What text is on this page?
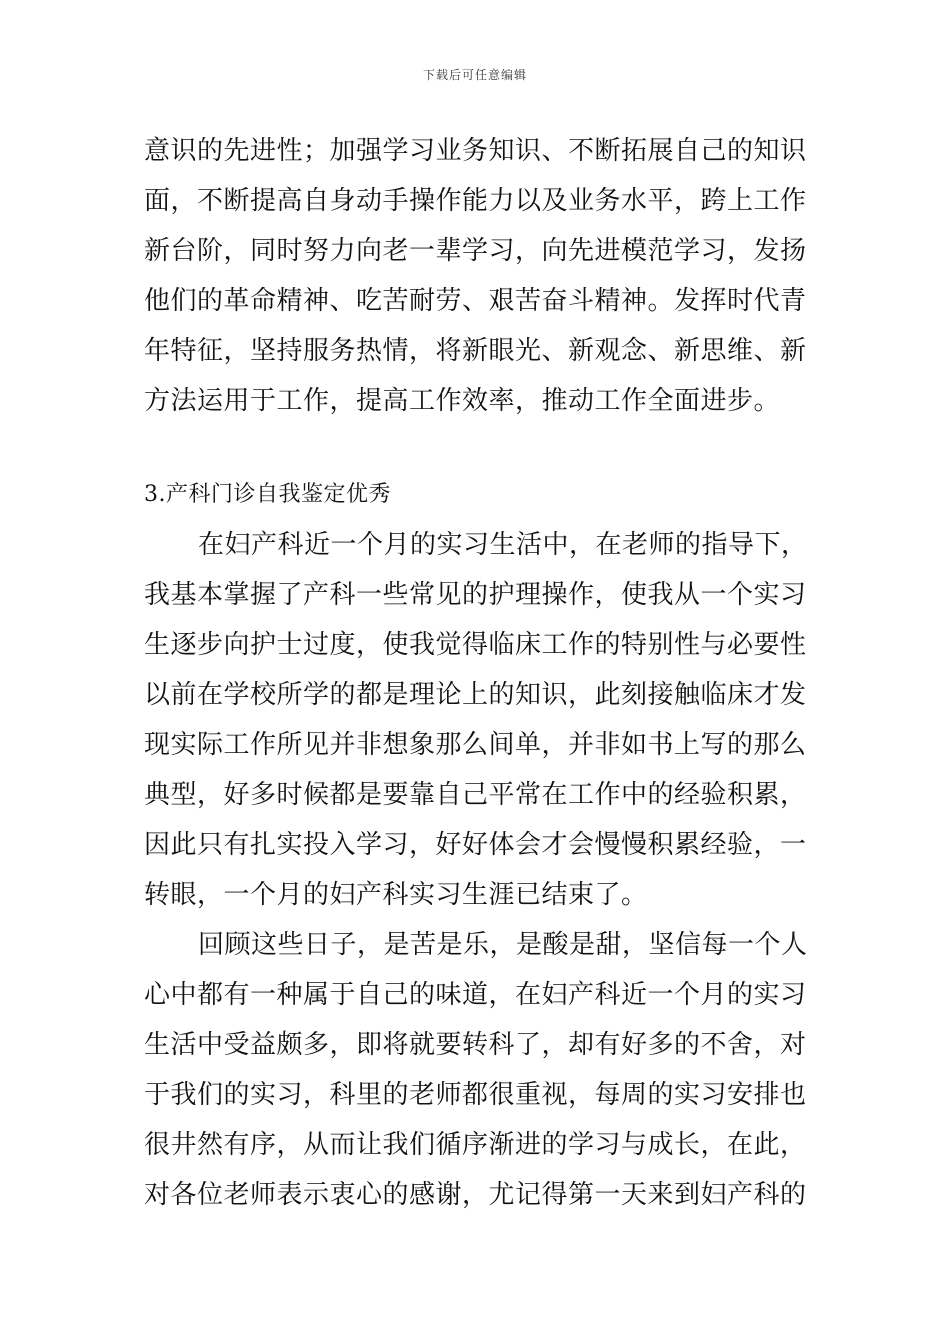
下载后可任意编辑
意识的先进性；加强学习业务知识、不断拓展自己的知识
面，不断提高自身动手操作能力以及业务水平，跨上工作
新台阶，同时努力向老一辈学习，向先进模范学习，发扬
他们的革命精神、吃苦耐劳、艰苦奋斗精神。发挥时代青
年特征，坚持服务热情，将新眼光、新观念、新思维、新
方法运用于工作，提高工作效率，推动工作全面进步。
3.产科门诊自我鉴定优秀
在妇产科近一个月的实习生活中，在老师的指导下，
我基本掌握了产科一些常见的护理操作，使我从一个实习
生逐步向护士过度，使我觉得临床工作的特别性与必要性
以前在学校所学的都是理论上的知识，此刻接触临床才发
现实际工作所见并非想象那么间单，并非如书上写的那么
典型，好多时候都是要靠自己平常在工作中的经验积累，
因此只有扎实投入学习，好好体会才会慢慢积累经验，一
转眼，一个月的妇产科实习生涯已结束了。
回顾这些日子，是苦是乐，是酸是甜，坚信每一个人
心中都有一种属于自己的味道，在妇产科近一个月的实习
生活中受益颇多，即将就要转科了，却有好多的不舍，对
于我们的实习，科里的老师都很重视，每周的实习安排也
很井然有序，从而让我们循序渐进的学习与成长，在此，
对各位老师表示衷心的感谢，尤记得第一天来到妇产科的
